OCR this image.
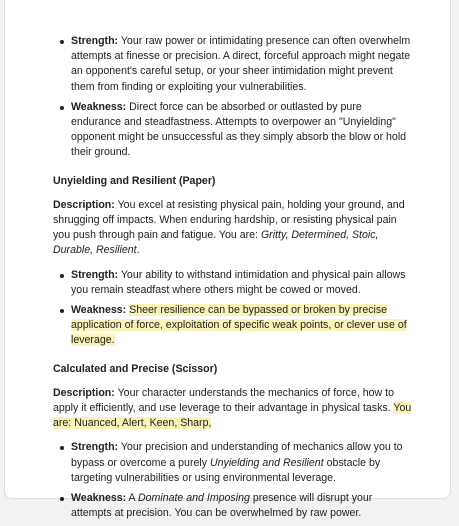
Strength: Your raw power or intimidating presence can often overwhelm attempts at finesse or precision. A direct, forceful approach might negate an opponent's careful setup, or your sheer intimidation might prevent them from finding or exploiting your vulnerabilities.
Weakness: Direct force can be absorbed or outlasted by pure endurance and steadfastness. Attempts to overpower an "Unyielding" opponent might be unsuccessful as they simply absorb the blow or hold their ground.
Unyielding and Resilient (Paper)

Description: You excel at resisting physical pain, holding your ground, and shrugging off impacts. When enduring hardship, or resisting physical pain you push through pain and fatigue. You are: Gritty, Determined, Stoic, Durable, Resilient.

Strength: Your ability to withstand intimidation and physical pain allows you remain steadfast where others might be cowed or moved.
Weakness: Sheer resilience can be bypassed or broken by precise application of force, exploitation of specific weak points, or clever use of leverage.
Calculated and Precise (Scissor)

Description: Your character understands the mechanics of force, how to apply it efficiently, and use leverage to their advantage in physical tasks. You are: Nuanced, Alert, Keen, Sharp,

Strength: Your precision and understanding of mechanics allow you to bypass or overcome a purely Unyielding and Resilient obstacle by targeting vulnerabilities or using environmental leverage.
Weakness: A Dominate and Imposing presence will disrupt your attempts at precision. You can be overwhelmed by raw power.
